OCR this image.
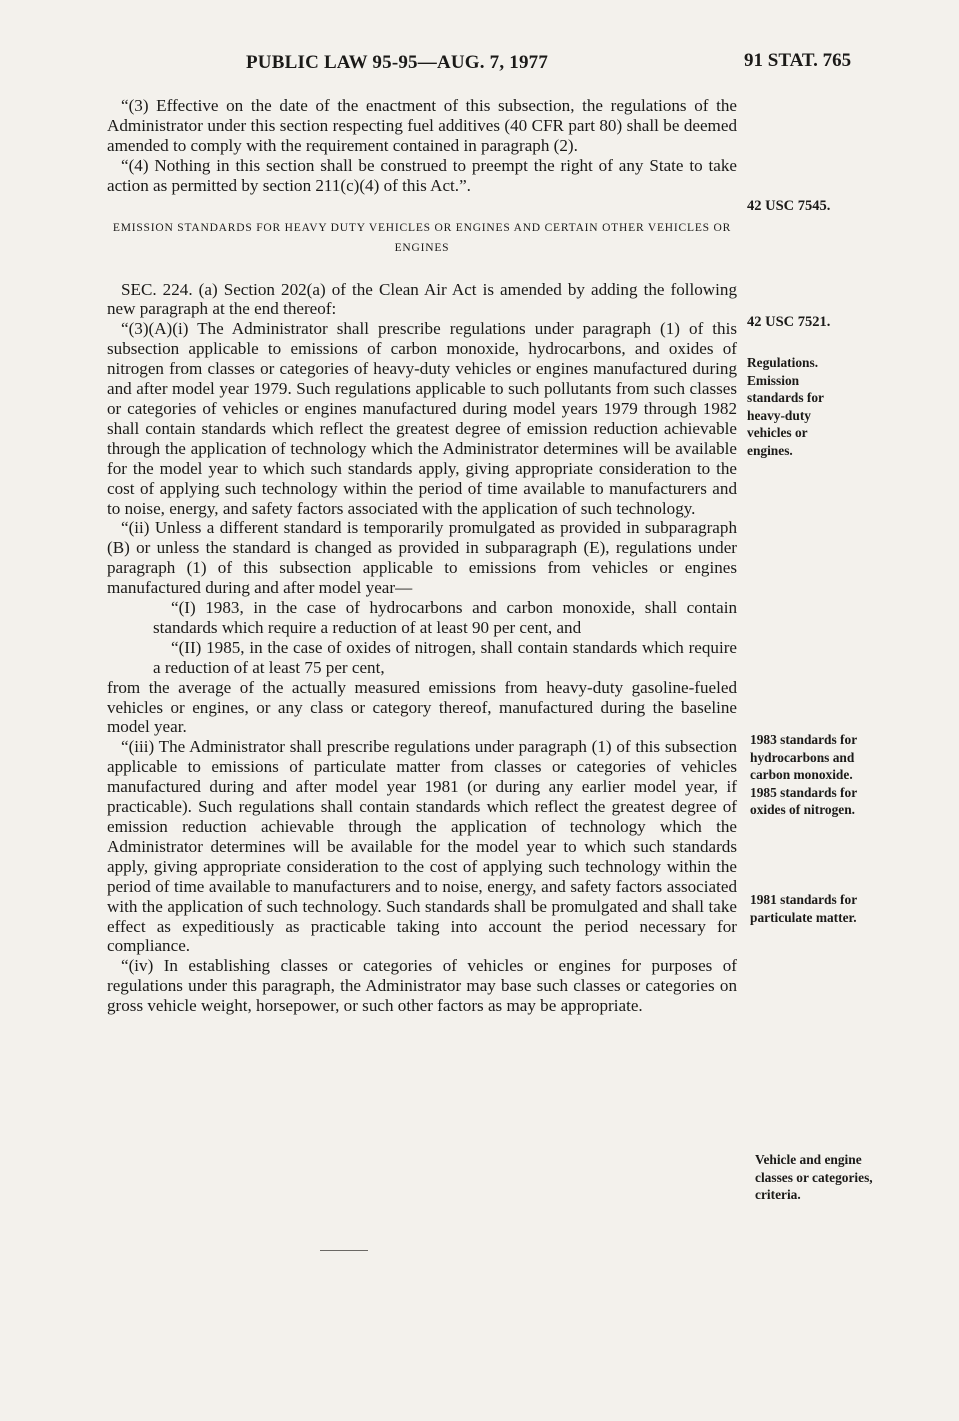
PUBLIC LAW 95-95—AUG. 7, 1977	91 STAT. 765

“(3) Effective on the date of the enactment of this subsection, the regulations of the Administrator under this section respecting fuel additives (40 CFR part 80) shall be deemed amended to comply with the requirement contained in paragraph (2).

“(4) Nothing in this section shall be construed to preempt the right of any State to take action as permitted by section 211(c)(4) of this Act.”.

EMISSION STANDARDS FOR HEAVY DUTY VEHICLES OR ENGINES AND CERTAIN OTHER VEHICLES OR ENGINES

SEC. 224. (a) Section 202(a) of the Clean Air Act is amended by adding the following new paragraph at the end thereof:

“(3)(A)(i) The Administrator shall prescribe regulations under paragraph (1) of this subsection applicable to emissions of carbon monoxide, hydrocarbons, and oxides of nitrogen from classes or categories of heavy-duty vehicles or engines manufactured during and after model year 1979. Such regulations applicable to such pollutants from such classes or categories of vehicles or engines manufactured during model years 1979 through 1982 shall contain standards which reflect the greatest degree of emission reduction achievable through the application of technology which the Administrator determines will be available for the model year to which such standards apply, giving appropriate consideration to the cost of applying such technology within the period of time available to manufacturers and to noise, energy, and safety factors associated with the application of such technology.

“(ii) Unless a different standard is temporarily promulgated as provided in subparagraph (B) or unless the standard is changed as provided in subparagraph (E), regulations under paragraph (1) of this subsection applicable to emissions from vehicles or engines manufactured during and after model year—

“(I) 1983, in the case of hydrocarbons and carbon monoxide, shall contain standards which require a reduction of at least 90 per cent, and

“(II) 1985, in the case of oxides of nitrogen, shall contain standards which require a reduction of at least 75 per cent,

from the average of the actually measured emissions from heavy-duty gasoline-fueled vehicles or engines, or any class or category thereof, manufactured during the baseline model year.

“(iii) The Administrator shall prescribe regulations under paragraph (1) of this subsection applicable to emissions of particulate matter from classes or categories of vehicles manufactured during and after model year 1981 (or during any earlier model year, if practicable). Such regulations shall contain standards which reflect the greatest degree of emission reduction achievable through the application of technology which the Administrator determines will be available for the model year to which such standards apply, giving appropriate consideration to the cost of applying such technology within the period of time available to manufacturers and to noise, energy, and safety factors associated with the application of such technology. Such standards shall be promulgated and shall take effect as expeditiously as practicable taking into account the period necessary for compliance.

“(iv) In establishing classes or categories of vehicles or engines for purposes of regulations under this paragraph, the Administrator may base such classes or categories on gross vehicle weight, horsepower, or such other factors as may be appropriate.

42 USC 7545.
42 USC 7521.
Regulations. Emission standards for heavy-duty vehicles or engines.
1983 standards for hydrocarbons and carbon monoxide. 1985 standards for oxides of nitrogen.
1981 standards for particulate matter.
Vehicle and engine classes or categories, criteria.
